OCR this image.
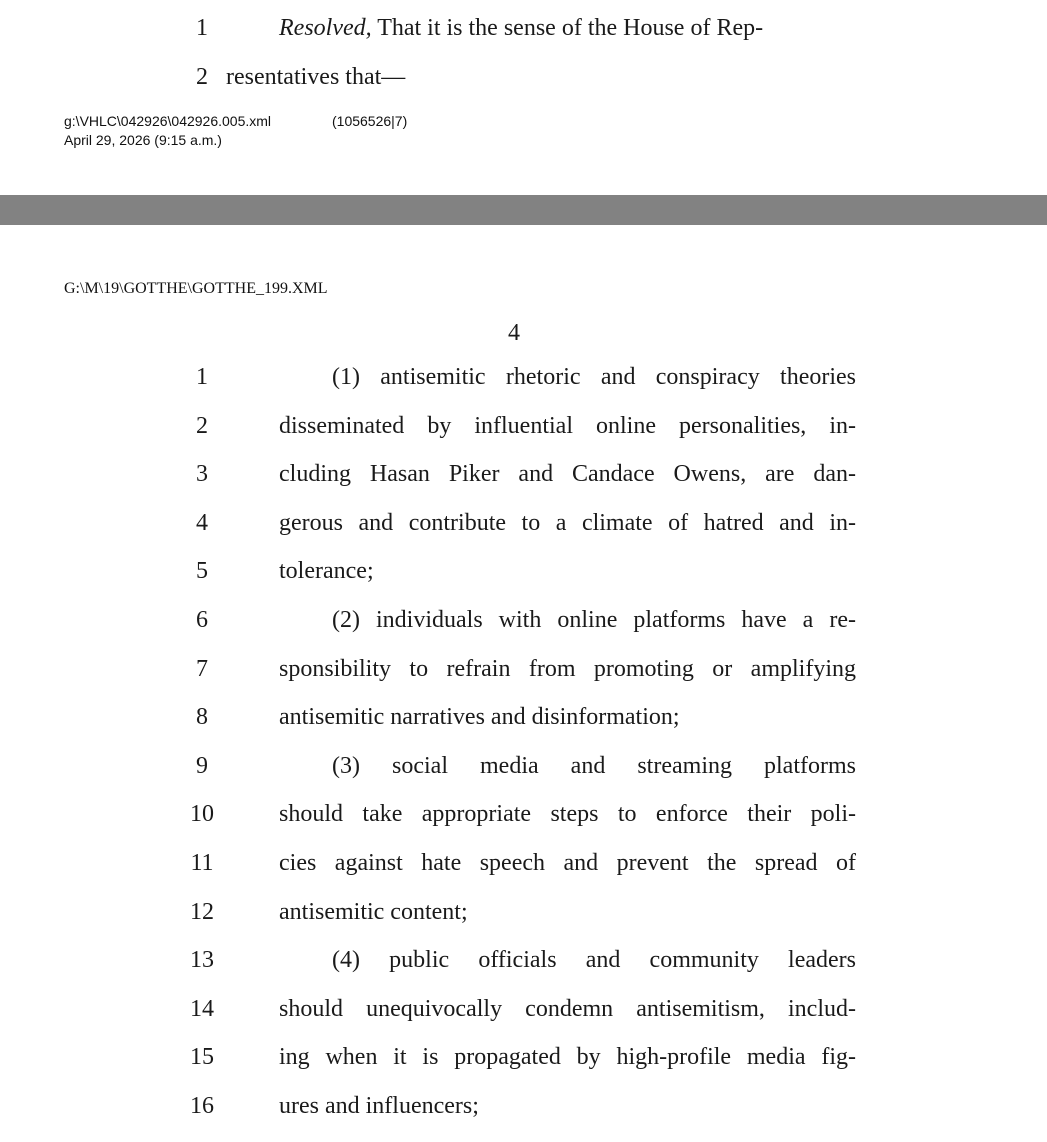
1	Resolved, That it is the sense of the House of Rep-
2 resentatives that—
g:\VHLC\042926\042926.005.xml	(1056526|7)
April 29, 2026 (9:15 a.m.)
G:\M\19\GOTTHE\GOTTHE_199.XML
4
1	(1) antisemitic rhetoric and conspiracy theories
2	disseminated by influential online personalities, in-
3	cluding Hasan Piker and Candace Owens, are dan-
4	gerous and contribute to a climate of hatred and in-
5	tolerance;
6	(2) individuals with online platforms have a re-
7	sponsibility to refrain from promoting or amplifying
8	antisemitic narratives and disinformation;
9	(3) social media and streaming platforms
10	should take appropriate steps to enforce their poli-
11	cies against hate speech and prevent the spread of
12	antisemitic content;
13	(4) public officials and community leaders
14	should unequivocally condemn antisemitism, includ-
15	ing when it is propagated by high-profile media fig-
16	ures and influencers;
